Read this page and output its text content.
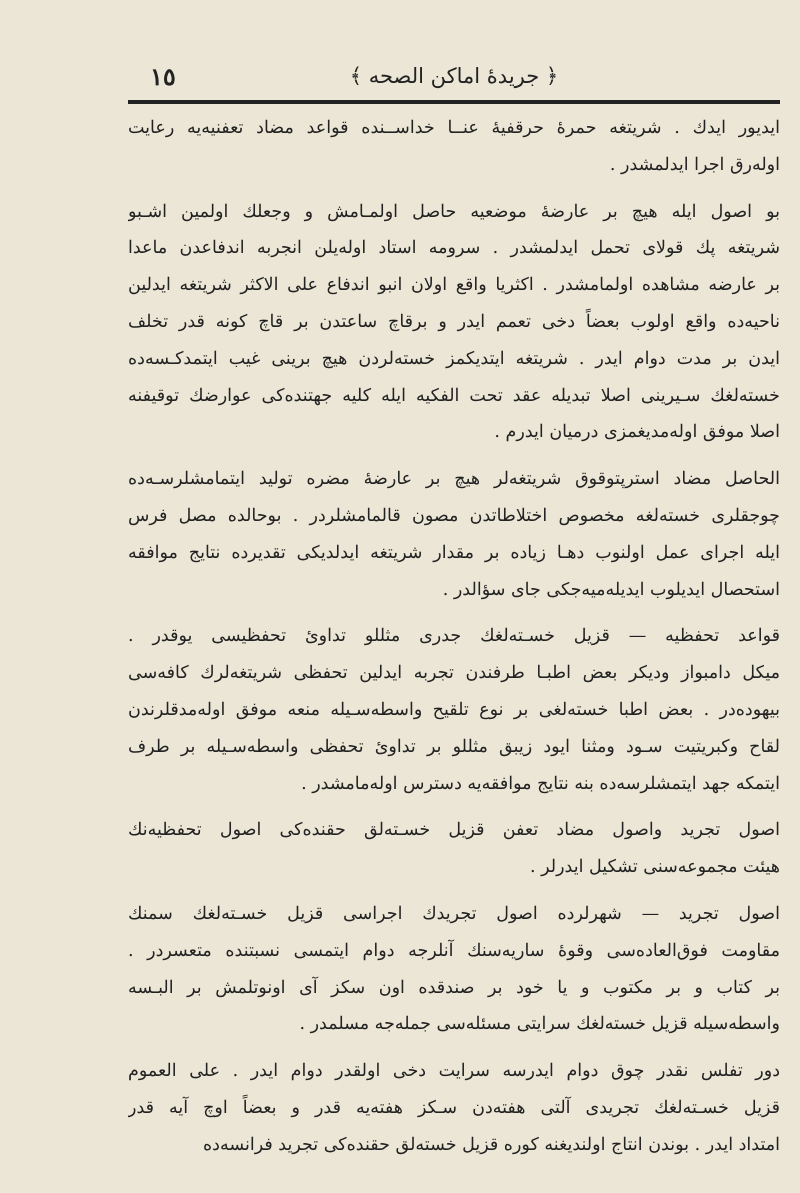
﴿ جريدهٔ اماكن الصحه ﴾
١٥
ايديور ايدك . شريتغه حمرهٔ حرقفيهٔ عنــا خداســنده قواعد مضاد تعفنيه‌يه رعايت
اوله‌رق اجرا ايدلمشدر .
بو اصول ايله هيچ بر عارضهٔ موضعيه حاصل اولمـامش و وجعلك اولمين اشـبو
شريتغه پك قولاى تحمل ايدلمشدر . سرومه استاد اوله‌يلن انجربه اندفاعدن ماعدا
بر عارضه مشاهده اولمامشدر . اكثريا واقع اولان انبو اندفاع على الاكثر شريتغه ايدلين
ناحيه‌ده واقع اولوب بعضاً دخى تعمم ايدر و برقاچ ساعتدن بر قاچ كونه قدر تخلف
ايدن بر مدت دوام ايدر . شريتغه ايتديكمز خسته‌لردن هيچ برينى غيب ايتمدكـسه‌ده
خسته‌لغك سـيرينى اصلا تبديله عقد تحت الفكيه ايله كليه جهتنده‌كى عوارضك توقيفنه
اصلا موفق اوله‌مديغمزى درميان ايدرم .
الحاصل مضاد استرپتوقوق شريتغه‌لر هيچ بر عارضهٔ مضره توليد ايتمامشلرسـه‌ده
چوجقلرى خسته‌لغه مخصوص اختلاطاتدن مصون قالمامشلردر . بوحالده مصل فرس
ايله اجراى عمل اولنوب دهـا زياده بر مقدار شريتغه ايدلديكى تقديرده نتايج موافقه
استحصال ايديلوب ايديله‌ميه‌جكى جاى سؤالدر .
قواعد تحفظيه — قزيل خسـته‌لغك جدرى مثللو تداوئ تحفظيسى يوقدر .
ميكل دامبواز وديكر بعض اطبـا طرفندن تجربه ايدلين تحفظى شريتغه‌لرك كافه‌سى
بيهوده‌در . بعض اطبا خسته‌لغى بر نوع تلقيح واسطه‌سـيله منعه موفق اوله‌مدقلرندن
لقاح وكبريتيت سـود ومثنا ايود زيبق مثللو بر تداوئ تحفظى واسطه‌سـيله بر طرف
ايتمكه جهد ايتمشلرسه‌ده بنه نتايج موافقه‌يه دسترس اوله‌مامشدر .
اصول تجريد واصول مضاد تعفن قزيل خسـته‌لق حقنده‌كى اصول تحفظيه‌نك
هيئت مجموعه‌سنى تشكيل ايدرلر .
اصول تجريد — شهرلرده اصول تجريدك اجراسى قزيل خسـته‌لغك سمنك
مقاومت فوق‌العاده‌سى وقوهٔ ساريه‌سنك آنلرجه دوام ايتمسى نسبتنده متعسردر .
بر كتاب و بر مكتوب و يا خود بر صندقده اون سكز آى اونوتلمش بر البـسه
واسطه‌سيله قزيل خسته‌لغك سرايتى مسئله‌سى جمله‌جه مسلمدر .
دور تفلس نقدر چوق دوام ايدرسه سرايت دخى اولقدر دوام ايدر . على العموم
قزيل خسـته‌لغك تجريدى آلتى هفته‌دن سـكز هفته‌يه قدر و بعضاً اوچ آيه قدر
امتداد ايدر . بوندن انتاج اولنديغنه كوره قزيل خسته‌لق حقنده‌كى تجريد فرانسه‌ده
